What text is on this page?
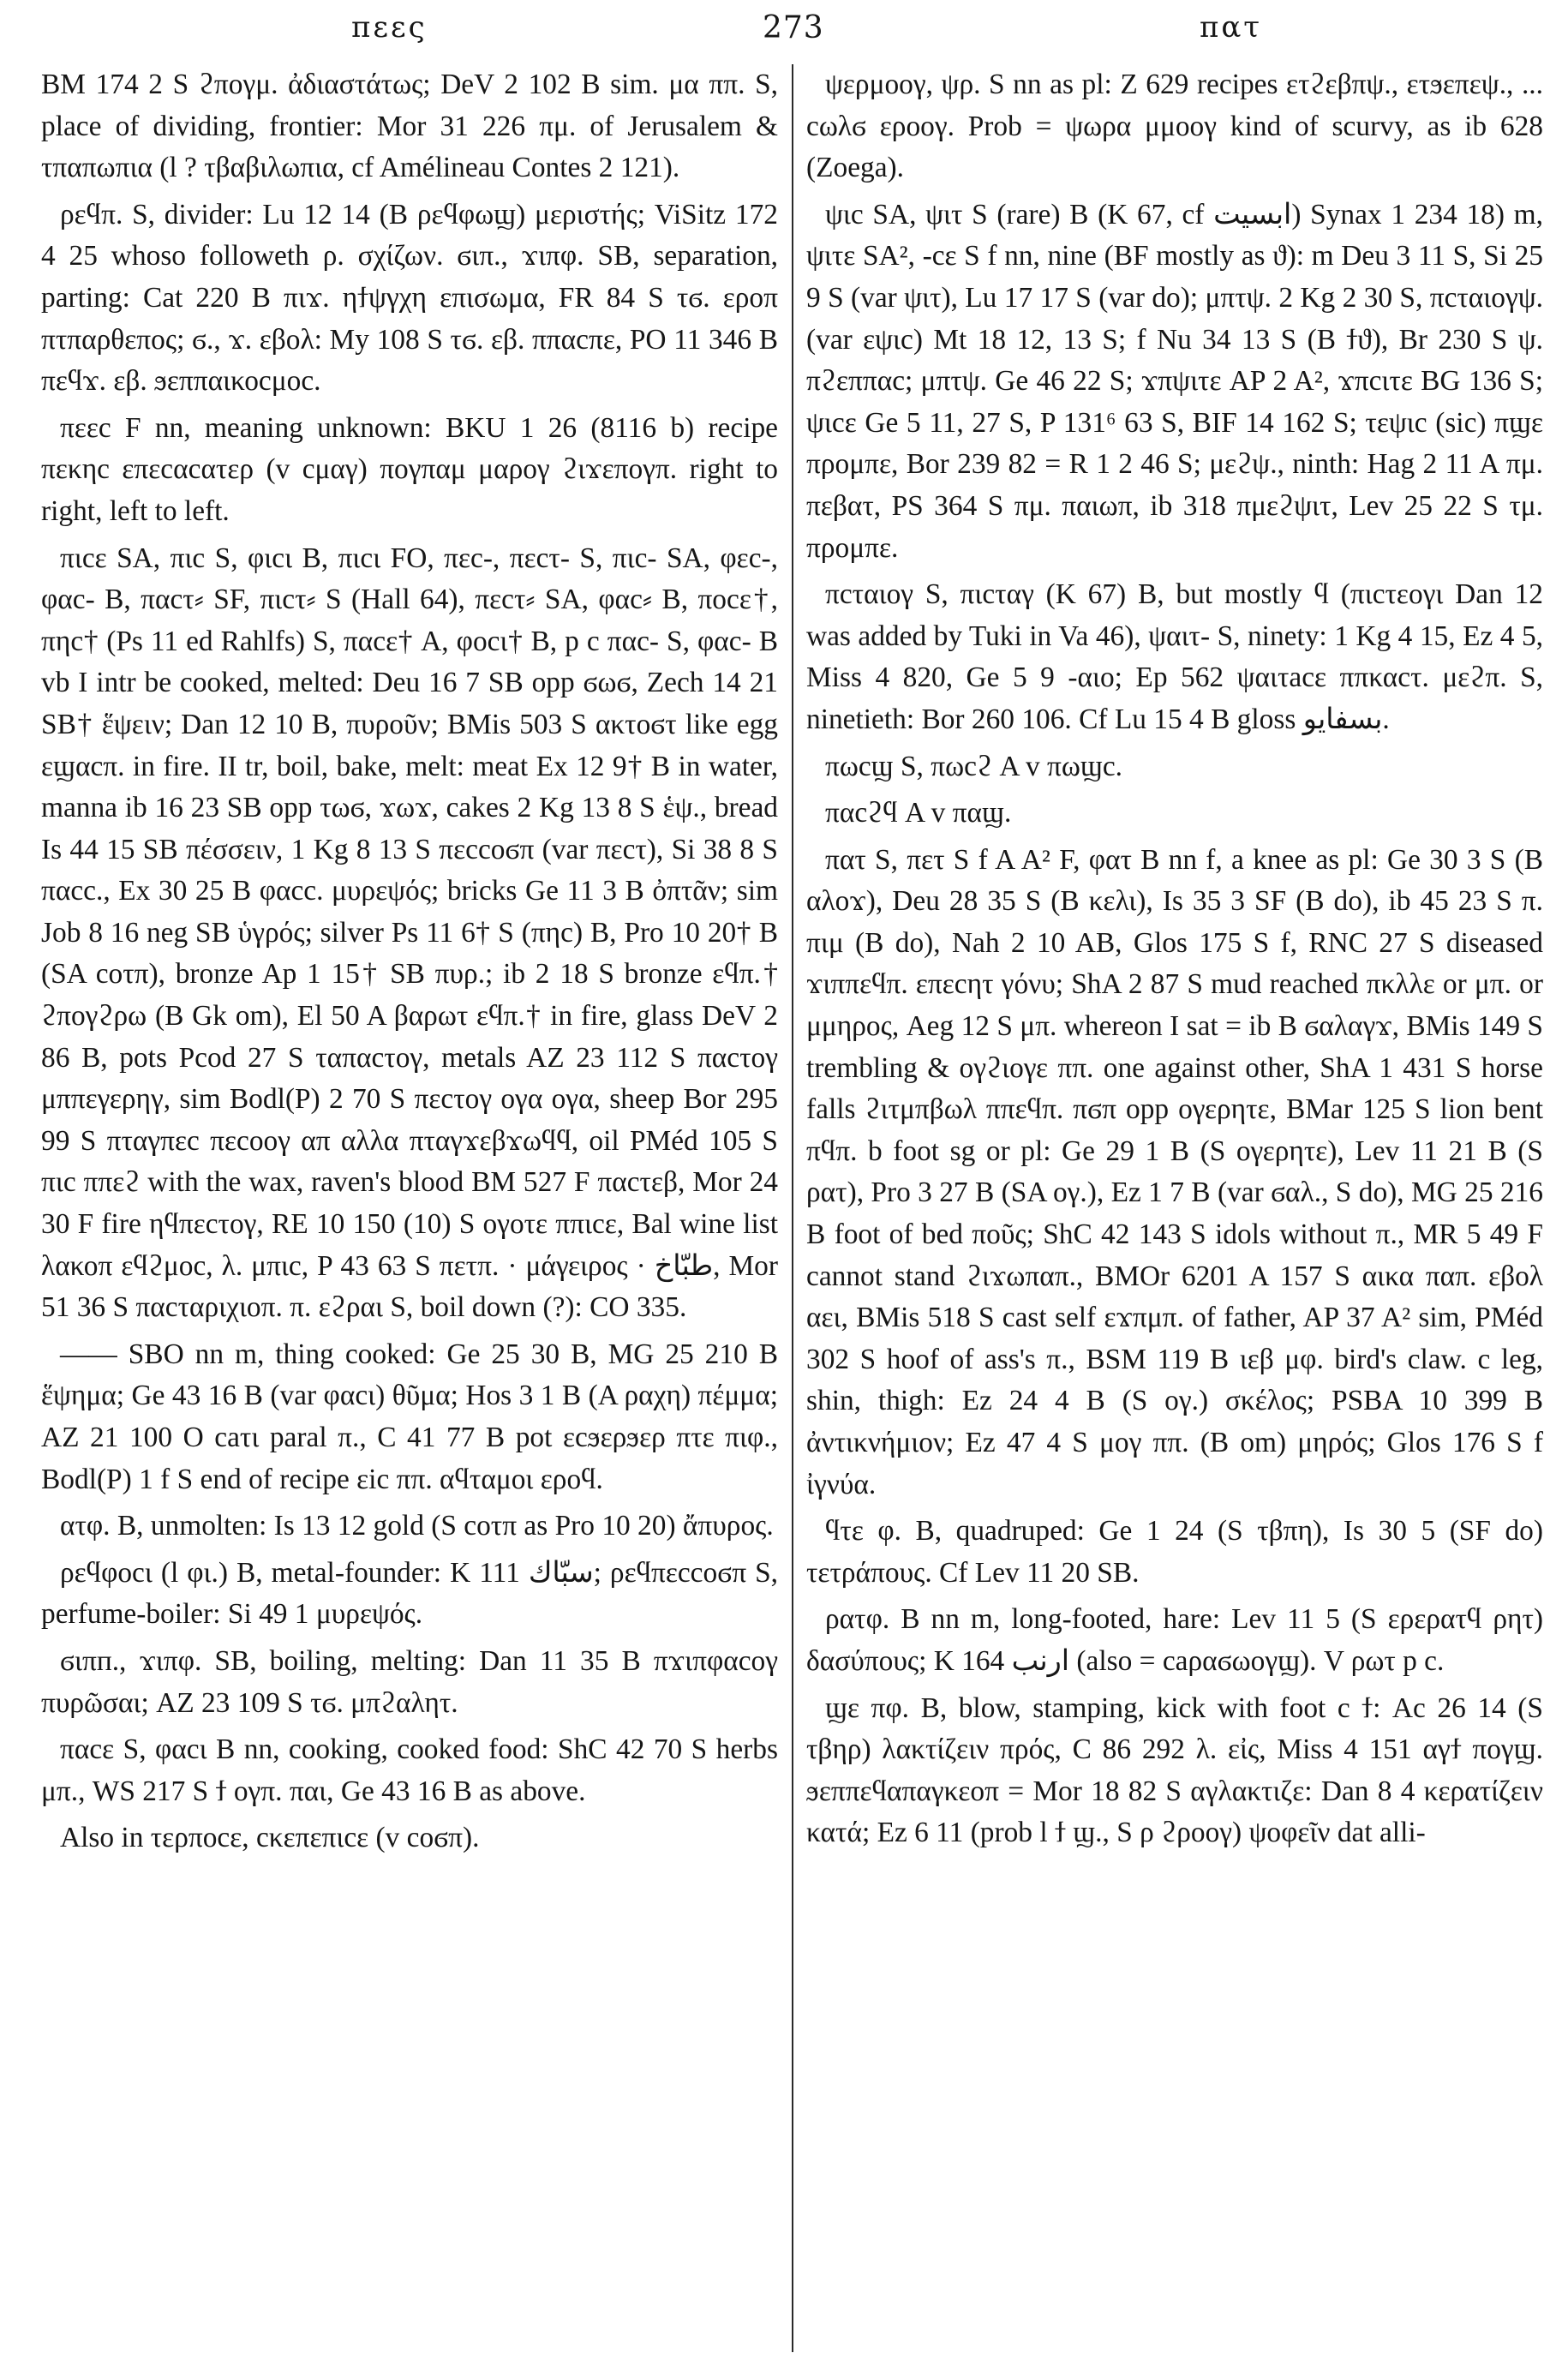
πεες	273	πατ

BM 174 2 S ϩπογμ. ἀδιαστάτως; DeV 2 102 B sim. μα ππ. S, place of dividing, frontier: Mor 31 226 πμ. of Jerusalem & τπαπωπια (l ? τβαβιλωπια, cf Amélineau Contes 2 121).

ρεϥπ. S, divider: Lu 12 14 (B ρεϥφωϣ) μεριστής; ViSitz 172 4 25 whoso followeth ρ. σχίζων. ϭιπ., ϫιπφ. SB, separation, parting: Cat 220 B πιϫ. ηϯψγχη επισωμα, FR 84 S τϭ. εροπ πτπαρθεπος; ϭ., ϫ. εβολ: My 108 S τϭ. εβ. ππαcπε, PO 11 346 B πεϥϫ. εβ. ϧεππαικοcμοc.

πεεc F nn, meaning unknown: BKU 1 26 (8116 b) recipe πεκηc επεcαcατερ (v cμαγ) πογπαμ μαρογ ϩιϫεπογπ. right to right, left to left.

πιcε SA, πιc S, φιcι B, πιcι FO, πεc-, πεcτ- S, πιc- SA, φεc-, φαc- B, παcτ⸗ SF, πιcτ⸗ S (Hall 64), πεcτ⸗ SA, φαc⸗ B, ποcε†, πηc† (Ps 11 ed Rahlfs) S, παcε† A, φοcι† B, p c παc- S, φαc- B vb I intr be cooked, melted: Deu 16 7 SB opp ϭωϭ, Zech 14 21 SB† ἕψειν; Dan 12 10 B, πυροῦν; BMis 503 S ακτοϭτ like egg εϣαcπ. in fire. II tr, boil, bake, melt: meat Ex 12 9† B in water, manna ib 16 23 SB opp τωϭ, ϫωϫ, cakes 2 Kg 13 8 S ἑψ., bread Is 44 15 SB πέσσειν, 1 Kg 8 13 S πεccοϭπ (var πεcτ), Si 38 8 S παcc., Ex 30 25 B φαcc. μυρεψός; bricks Ge 11 3 B ὀπτᾶν; sim Job 8 16 neg SB ὑγρός; silver Ps 11 6† S (πηc) B, Pro 10 20† B (SA cοτπ), bronze Ap 1 15† SB πυρ.; ib 2 18 S bronze εϥπ.† ϩπογϩρω (B Gk om), El 50 A βαρωτ εϥπ.† in fire, glass DeV 2 86 B, pots Pcod 27 S ταπαcτογ, metals AZ 23 112 S παcτογ μππεγερηγ, sim Bodl(P) 2 70 S πεcτογ ογα ογα, sheep Bor 295 99 S πταγπεc πεcοογ απ αλλα πταγϫεβϫωϥϥ, oil PMéd 105 S πιc ππεϩ with the wax, raven's blood BM 527 F παcτεβ, Mor 24 30 F fire ηϥπεcτογ, RE 10 150 (10) S ογοτε ππιcε, Bal wine list λακοπ εϥϩμοc, λ. μπιc, P 43 63 S πετπ. · μάγειρος · طبّاخ, Mor 51 36 S παcταριχιοπ. π. εϩραι S, boil down (?): CO 335.

—— SBO nn m, thing cooked: Ge 25 30 B, MG 25 210 B ἕψημα; Ge 43 16 B (var φαcι) θῦμα; Hos 3 1 B (A ραχη) πέμμα; AZ 21 100 O caτι paral π., C 41 77 B pot εcϧερϧερ πτε πιφ., Bodl(P) 1 f S end of recipe εic ππ. αϥταμοι εροϥ.

ατφ. B, unmolten: Is 13 12 gold (S cοτπ as Pro 10 20) ἄπυρος.

ρεϥφοcι (l φι.) B, metal-founder: K 111 سبّاك; ρεϥπεccοϭπ S, perfume-boiler: Si 49 1 μυρεψός.

ϭιπп., ϫιπφ. SB, boiling, melting: Dan 11 35 B πϫιπφαcογ πυρῶσαι; AZ 23 109 S τϭ. μπϩαλητ.

παcε S, φαcι B nn, cooking, cooked food: ShC 42 70 S herbs μπ., WS 217 S ϯ ογπ. παι, Ge 43 16 B as above.

Also in τερποcε, cκεπεπιcε (v cοϭπ).

ψερμοογ, ψρ. S nn as pl: Z 629 recipes ετϩεβπψ., ετϧεπεψ., ... cωλϭ εροογ. Prob = ψωρα μμοογ kind of scurvy, as ib 628 (Zoega).

ψιc SA, ψιτ S (rare) B (K 67, cf ابسيت) Synax 1 234 18) m, ψιτε SA², -cε S f nn, nine (BF mostly as ϑ): m Deu 3 11 S, Si 25 9 S (var ψιτ), Lu 17 17 S (var do); μπτψ. 2 Kg 2 30 S, πcταιογψ. (var εψιc) Mt 18 12, 13 S; f Nu 34 13 S (B ϯϑ), Br 230 S ψ. πϩεππαc; μπτψ. Ge 46 22 S; ϫπψιτε AP 2 A², ϫπcιτε BG 136 S; ψιcε Ge 5 11, 27 S, P 131⁶ 63 S, BIF 14 162 S; τεψιc (sic) πϣε προμπε, Bor 239 82 = R 1 2 46 S; μεϩψ., ninth: Hag 2 11 A πμ. πεβατ, PS 364 S πμ. παιωπ, ib 318 πμεϩψιτ, Lev 25 22 S τμ. προμπε.

πcταιογ S, πιcταγ (K 67) B, but mostly ϥ (πιcτεογι Dan 12 was added by Tuki in Va 46), ψαιτ- S, ninety: 1 Kg 4 15, Ez 4 5, Miss 4 820, Ge 5 9 -αιο; Ep 562 ψαιτacε ππκαcτ. μεϩπ. S, ninetieth: Bor 260 106. Cf Lu 15 4 B gloss بسفايو.

πωcϣ S, πωcϩ A v πωϣc.

παcϩϥ A v παϣ.

πατ S, πετ S f A A² F, φατ B nn f, a knee as pl: Ge 30 3 S (B αλοϫ), Deu 28 35 S (B κελι), Is 35 3 SF (B do), ib 45 23 S π. πιμ (B do), Nah 2 10 AB, Glos 175 S f, RNC 27 S diseased ϫιππεϥπ. επεcητ γόνυ; ShA 2 87 S mud reached πκλλε or μπ. or μμηρος, Aeg 12 S μπ. whereon I sat = ib B ϭαλαγϫ, BMis 149 S trembling & ογϩιογε ππ. one against other, ShA 1 431 S horse falls ϩιτμπβωλ ππεϥπ. πϭπ opp ογερητε, BMar 125 S lion bent πϥπ. b foot sg or pl: Ge 29 1 B (S ογερητε), Lev 11 21 B (S ρατ), Pro 3 27 B (SA ογ.), Ez 1 7 B (var ϭαλ., S do), MG 25 216 B foot of bed ποῦς; ShC 42 143 S idols without π., MR 5 49 F cannot stand ϩιϫωπαπ., BMOr 6201 A 157 S αικα παπ. εβολ αει, BMis 518 S cast self εϫπμπ. of father, AP 37 A² sim, PMéd 302 S hoof of ass's π., BSM 119 B ιεβ μφ. bird's claw. c leg, shin, thigh: Ez 24 4 B (S ογ.) σκέλος; PSBA 10 399 B ἀντικνήμιον; Ez 47 4 S μογ ππ. (B om) μηρός; Glos 176 S f ἰγνύα.

ϥτε φ. B, quadruped: Ge 1 24 (S τβπη), Is 30 5 (SF do) τετράπους. Cf Lev 11 20 SB.

ρατφ. B nn m, long-footed, hare: Lev 11 5 (S ερερατϥ ρητ) δασύπους; K 164 ارنب (also = caραϭωογϣ). V ρωτ p c.

ϣε πφ. B, blow, stamping, kick with foot c ϯ: Ac 26 14 (S τβηρ) λακτίζειν πρός, C 86 292 λ. εἰς, Miss 4 151 αγϯ πογϣ. ϧεππεϥαπαγκεοπ = Mor 18 82 S αγλακτιζε: Dan 8 4 κερατίζειν κατά; Ez 6 11 (prob l ϯ ϣ., S ρ ϩροογ) ψοφεῖν dat alli-
